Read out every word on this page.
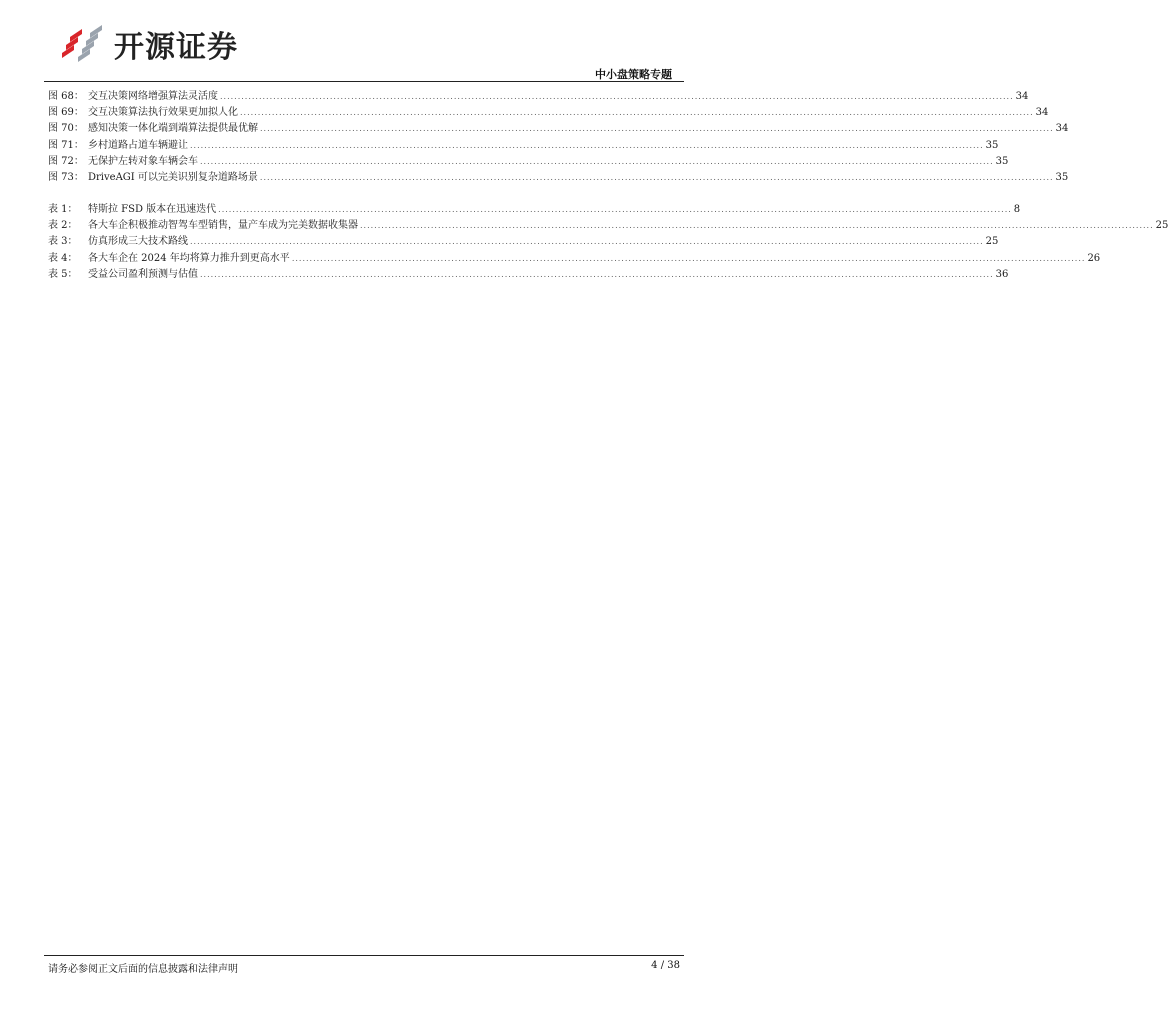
开源证券
中小盘策略专题
图 68： 交互决策网络增强算法灵活度 .....	34
图 69： 交互决策算法执行效果更加拟人化 .....	34
图 70： 感知决策一体化端到端算法提供最优解 .....	34
图 71： 乡村道路占道车辆避让 .....	35
图 72： 无保护左转对象车辆会车 .....	35
图 73： DriveAGI 可以完美识别复杂道路场景 .....	35
表 1：	特斯拉 FSD 版本在迅速迭代 .....	8
表 2：	各大车企积极推动智驾车型销售，量产车成为完美数据收集器 .....	25
表 3：	仿真形成三大技术路线 .....	25
表 4：	各大车企在 2024 年均将算力推升到更高水平 .....	26
表 5：	受益公司盈利预测与估值 .....	36
请务必参阅正文后面的信息披露和法律声明	4 / 38
